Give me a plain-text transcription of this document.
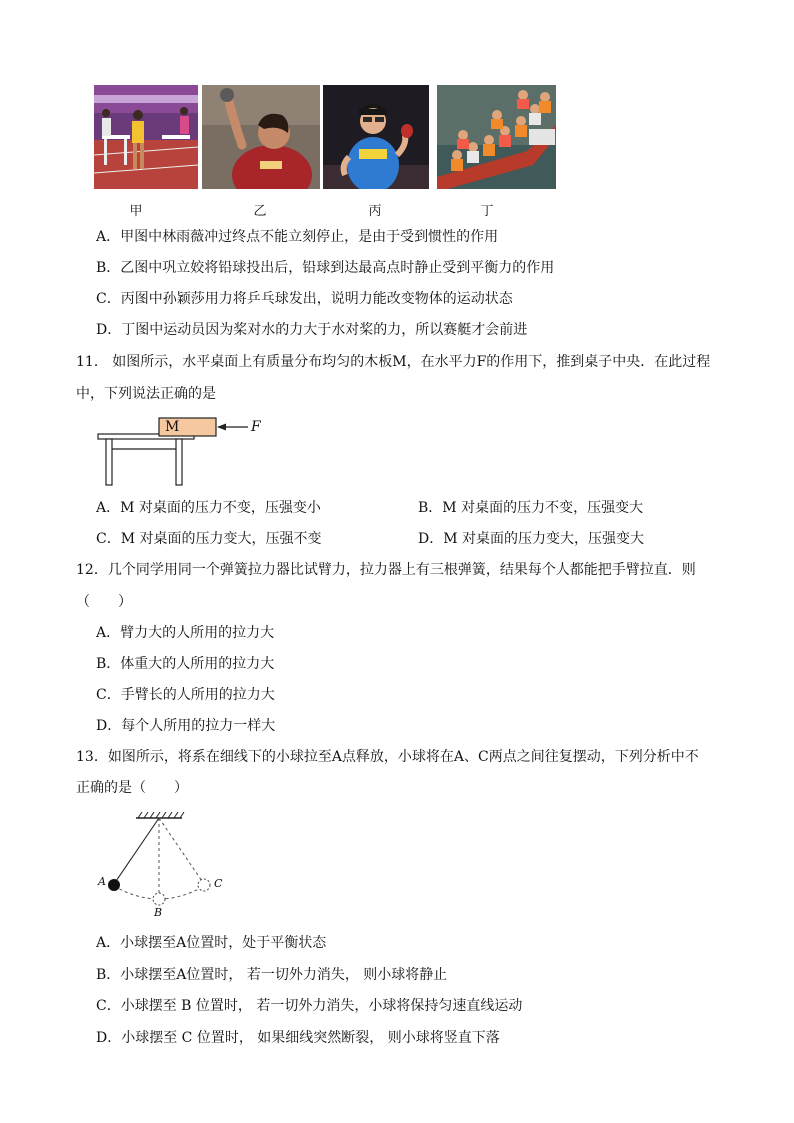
甲	乙	丙	丁
A．甲图中林雨薇冲过终点不能立刻停止，是由于受到惯性的作用
B．乙图中巩立姣将铅球投出后，铅球到达最高点时静止受到平衡力的作用
C．丙图中孙颖莎用力将乒乓球发出，说明力能改变物体的运动状态
D．丁图中运动员因为桨对水的力大于水对桨的力，所以赛艇才会前进
11． 如图所示，水平桌面上有质量分布均匀的木板M，在水平力F的作用下，推到桌子中央．在此过程
中，下列说法正确的是
M	F
A．M 对桌面的压力不变，压强变小	B．M 对桌面的压力不变，压强变大
C．M 对桌面的压力变大，压强不变	D．M 对桌面的压力变大，压强变大
12．几个同学用同一个弹簧拉力器比试臂力，拉力器上有三根弹簧，结果每个人都能把手臂拉直．则
（　　）
A．臂力大的人所用的拉力大
B．体重大的人所用的拉力大
C．手臂长的人所用的拉力大
D．每个人所用的拉力一样大
13．如图所示，将系在细线下的小球拉至A点释放，小球将在A、C两点之间往复摆动，下列分析中不
正确的是（　　）
A
B
C
A．小球摆至A位置时，处于平衡状态
B．小球摆至A位置时， 若一切外力消失， 则小球将静止
C．小球摆至 B 位置时， 若一切外力消失，小球将保持匀速直线运动
D．小球摆至 C 位置时， 如果细线突然断裂， 则小球将竖直下落
